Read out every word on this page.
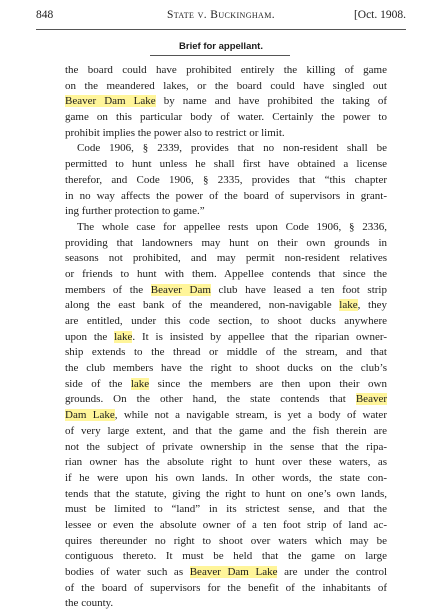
848	State v. Buckingham.	[Oct. 1908.
Brief for appellant.
the board could have prohibited entirely the killing of game
on the meandered lakes, or the board could have singled out
Beaver Dam Lake by name and have prohibited the taking of
game on this particular body of water. Certainly the power to
prohibit implies the power also to restrict or limit.
Code 1906, § 2339, provides that no non-resident shall be
permitted to hunt unless he shall first have obtained a license
therefor, and Code 1906, § 2335, provides that “this chapter
in no way affects the power of the board of supervisors in grant-
ing further protection to game.”
The whole case for appellee rests upon Code 1906, § 2336,
providing that landowners may hunt on their own grounds in
seasons not prohibited, and may permit non-resident relatives
or friends to hunt with them. Appellee contends that since the
members of the Beaver Dam club have leased a ten foot strip
along the east bank of the meandered, non-navigable lake, they
are entitled, under this code section, to shoot ducks anywhere
upon the lake. It is insisted by appellee that the riparian owner-
ship extends to the thread or middle of the stream, and that
the club members have the right to shoot ducks on the club’s
side of the lake since the members are then upon their own
grounds. On the other hand, the state contends that Beaver
Dam Lake, while not a navigable stream, is yet a body of water
of very large extent, and that the game and the fish therein are
not the subject of private ownership in the sense that the ripa-
rian owner has the absolute right to hunt over these waters, as
if he were upon his own lands. In other words, the state con-
tends that the statute, giving the right to hunt on one’s own lands,
must be limited to “land” in its strictest sense, and that the
lessee or even the absolute owner of a ten foot strip of land ac-
quires thereunder no right to shoot over waters which may be
contiguous thereto. It must be held that the game on large
bodies of water such as Beaver Dam Lake are under the control
of the board of supervisors for the benefit of the inhabitants of
the county.
